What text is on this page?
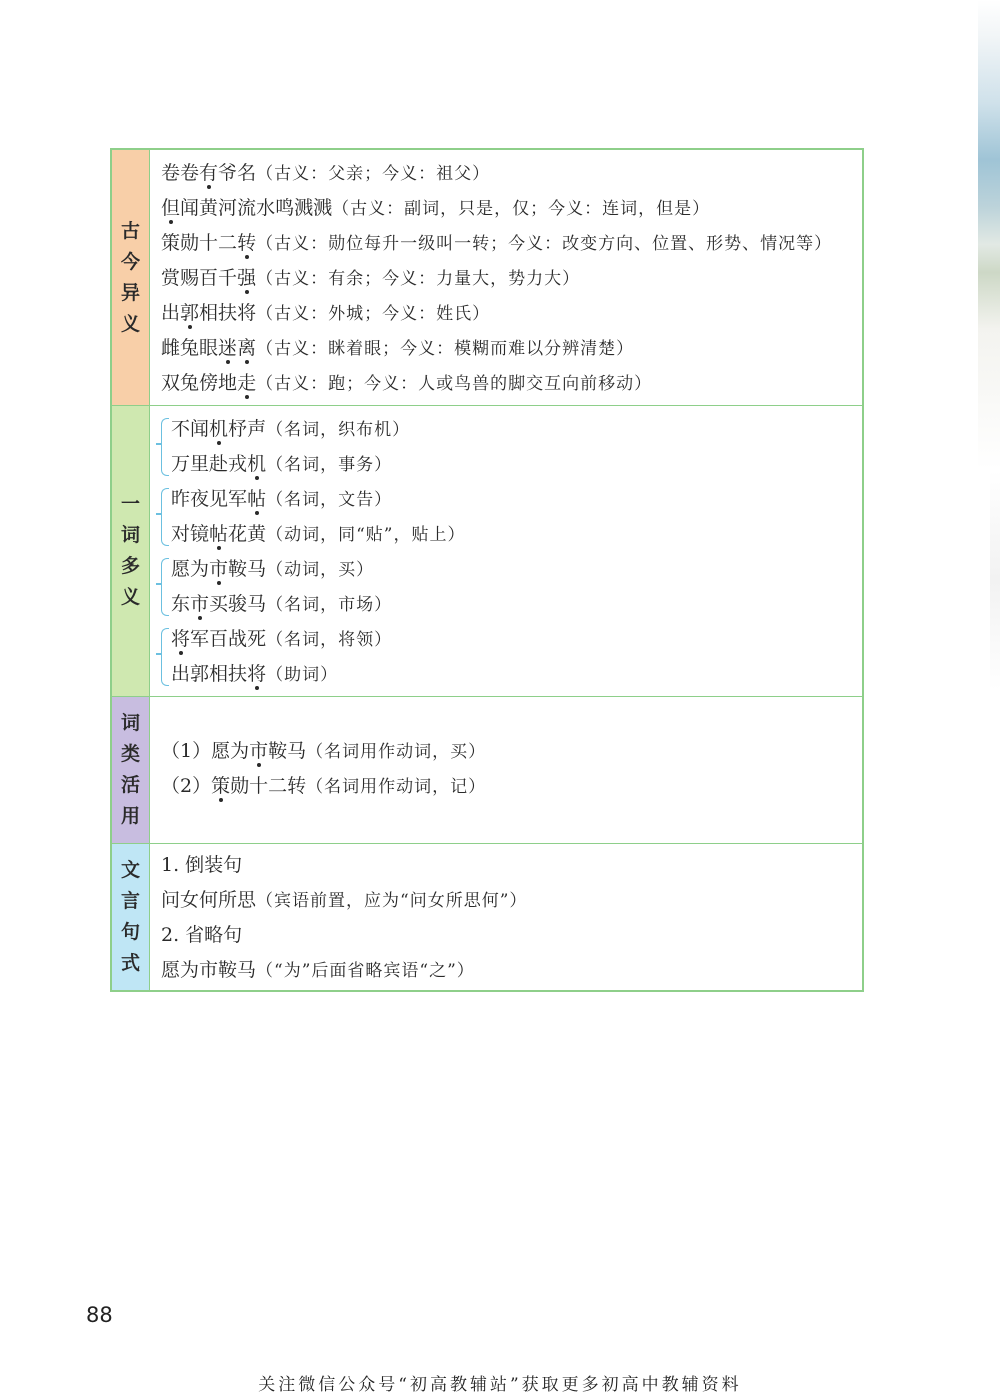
古
今
异
义
卷卷有爷名（古义：父亲；今义：祖父）
但闻黄河流水鸣溅溅（古义：副词，只是，仅；今义：连词，但是）
策勋十二转（古义：勋位每升一级叫一转；今义：改变方向、位置、形势、情况等）
赏赐百千强（古义：有余；今义：力量大，势力大）
出郭相扶将（古义：外城；今义：姓氏）
雌兔眼迷离（古义：眯着眼；今义：模糊而难以分辨清楚）
双兔傍地走（古义：跑；今义：人或鸟兽的脚交互向前移动）
一
词
多
义
不闻机杼声（名词，织布机）
万里赴戎机（名词，事务）
昨夜见军帖（名词，文告）
对镜帖花黄（动词，同“贴”，贴上）
愿为市鞍马（动词，买）
东市买骏马（名词，市场）
将军百战死（名词，将领）
出郭相扶将（助词）
词
类
活
用
（1）愿为市鞍马（名词用作动词，买）
（2）策勋十二转（名词用作动词，记）
文
言
句
式
1. 倒装句
问女何所思（宾语前置，应为“问女所思何”）
2. 省略句
愿为市鞍马（“为”后面省略宾语“之”）
88
关注微信公众号“初高教辅站”获取更多初高中教辅资料
